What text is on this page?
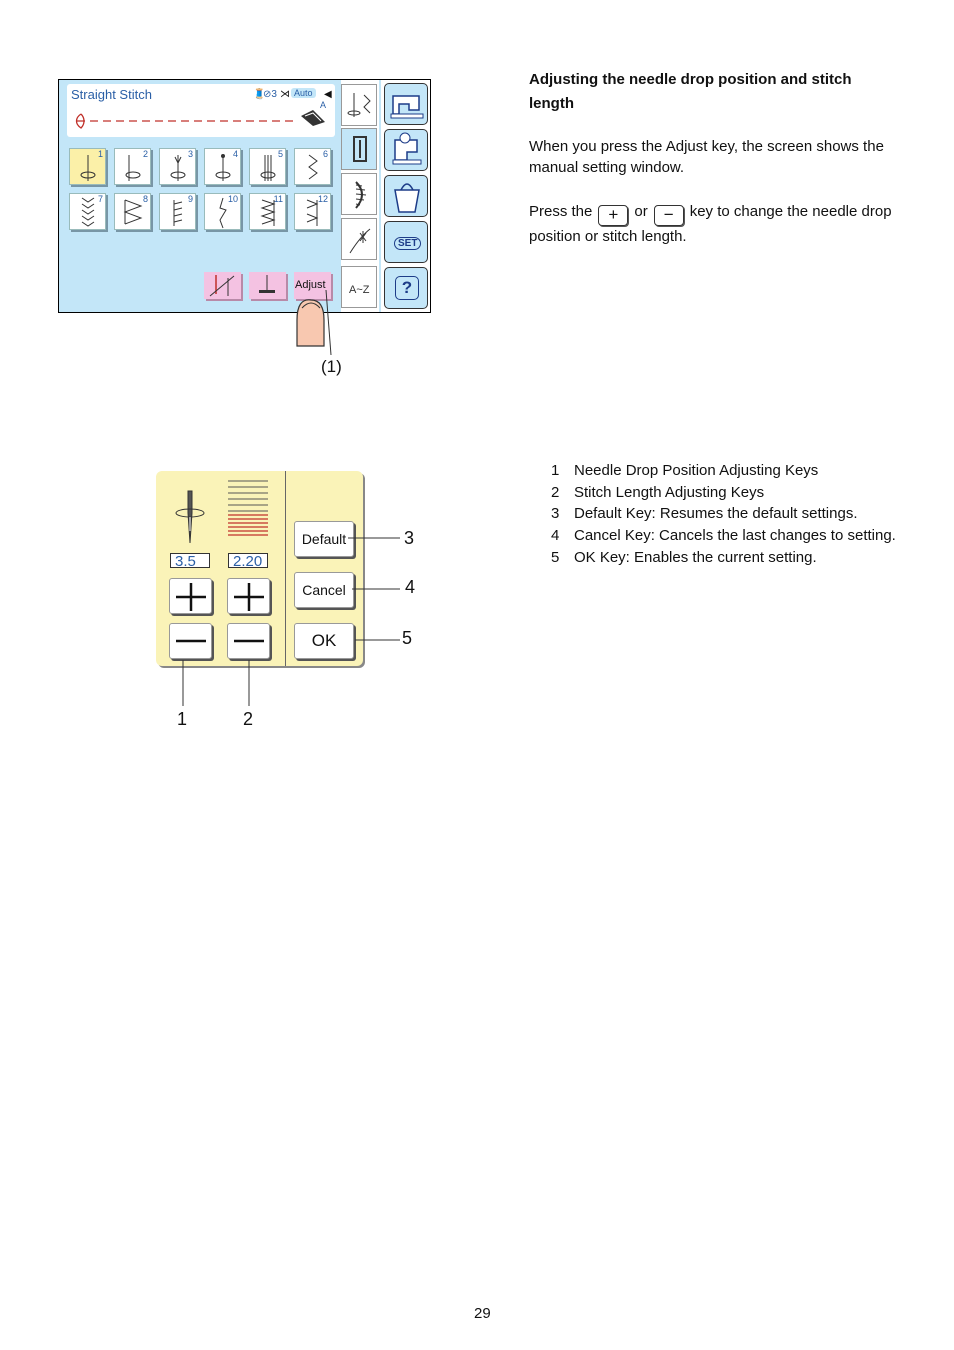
Straight Stitch	🧵
⊘3 ⋊ Auto	◀
A
1	2	3	4	5	6
7	8	9	10	11	12
Adjust A~Z
SET
?
(1)
Adjusting the needle drop position and stitch length
When you press the Adjust key, the screen shows the manual setting window.
Press the + or − key to change the needle drop position or stitch length.
3.5	2.20
Default
Cancel
OK
1	2
3
4
5
1 Needle Drop Position Adjusting Keys
2 Stitch Length Adjusting Keys
3 Default Key: Resumes the default settings.
4 Cancel Key: Cancels the last changes to setting.
5 OK Key: Enables the current setting.
29
